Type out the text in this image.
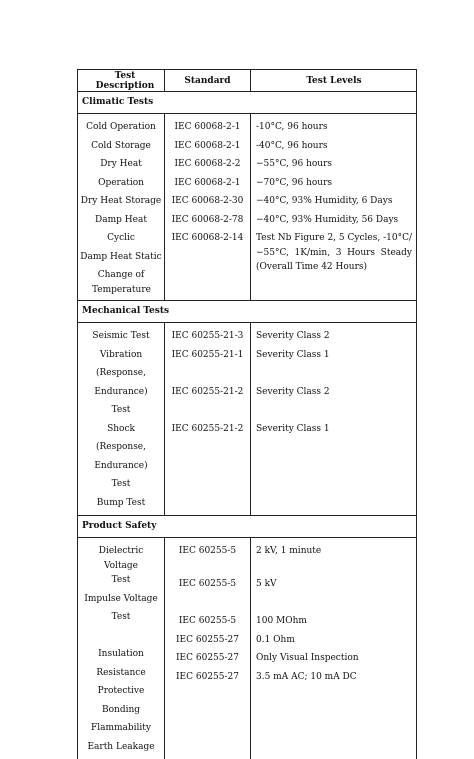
Test Description	Standard	Test Levels
Climatic Tests
Cold Operation
Cold Storage
Dry Heat Operation
Dry Heat Storage
Damp Heat Cyclic
Damp Heat Static
Change of Temperature
IEC 60068-2-1
IEC 60068-2-1
IEC 60068-2-2
IEC 60068-2-1
IEC 60068-2-30
IEC 60068-2-78
IEC 60068-2-14
-10°C, 96 hours
-40°C, 96 hours
−55°C, 96 hours
−70°C, 96 hours
−40°C, 93% Humidity, 6 Days
−40°C, 93% Humidity, 56 Days
Test Nb Figure 2, 5 Cycles, -10°C/−55°C, 1K/min, 3 Hours Steady (Overall Time 42 Hours)
Mechanical Tests
Seismic Test
Vibration (Response, Endurance) Test
Shock (Response, Endurance) Test
Bump Test
IEC 60255-21-3
IEC 60255-21-1
IEC 60255-21-2
IEC 60255-21-2
Severity Class 2
Severity Class 1
Severity Class 2
Severity Class 1
Product Safety
Dielectric Voltage Test
Impulse Voltage Test
Insulation Resistance
Protective Bonding
Flammability
Earth Leakage
IEC 60255-5
IEC 60255-5
IEC 60255-5
IEC 60255-27
IEC 60255-27
IEC 60255-27
2 kV, 1 minute
5 kV
100 MOhm
0.1 Ohm
Only Visual Inspection
3.5 mA AC; 10 mA DC
